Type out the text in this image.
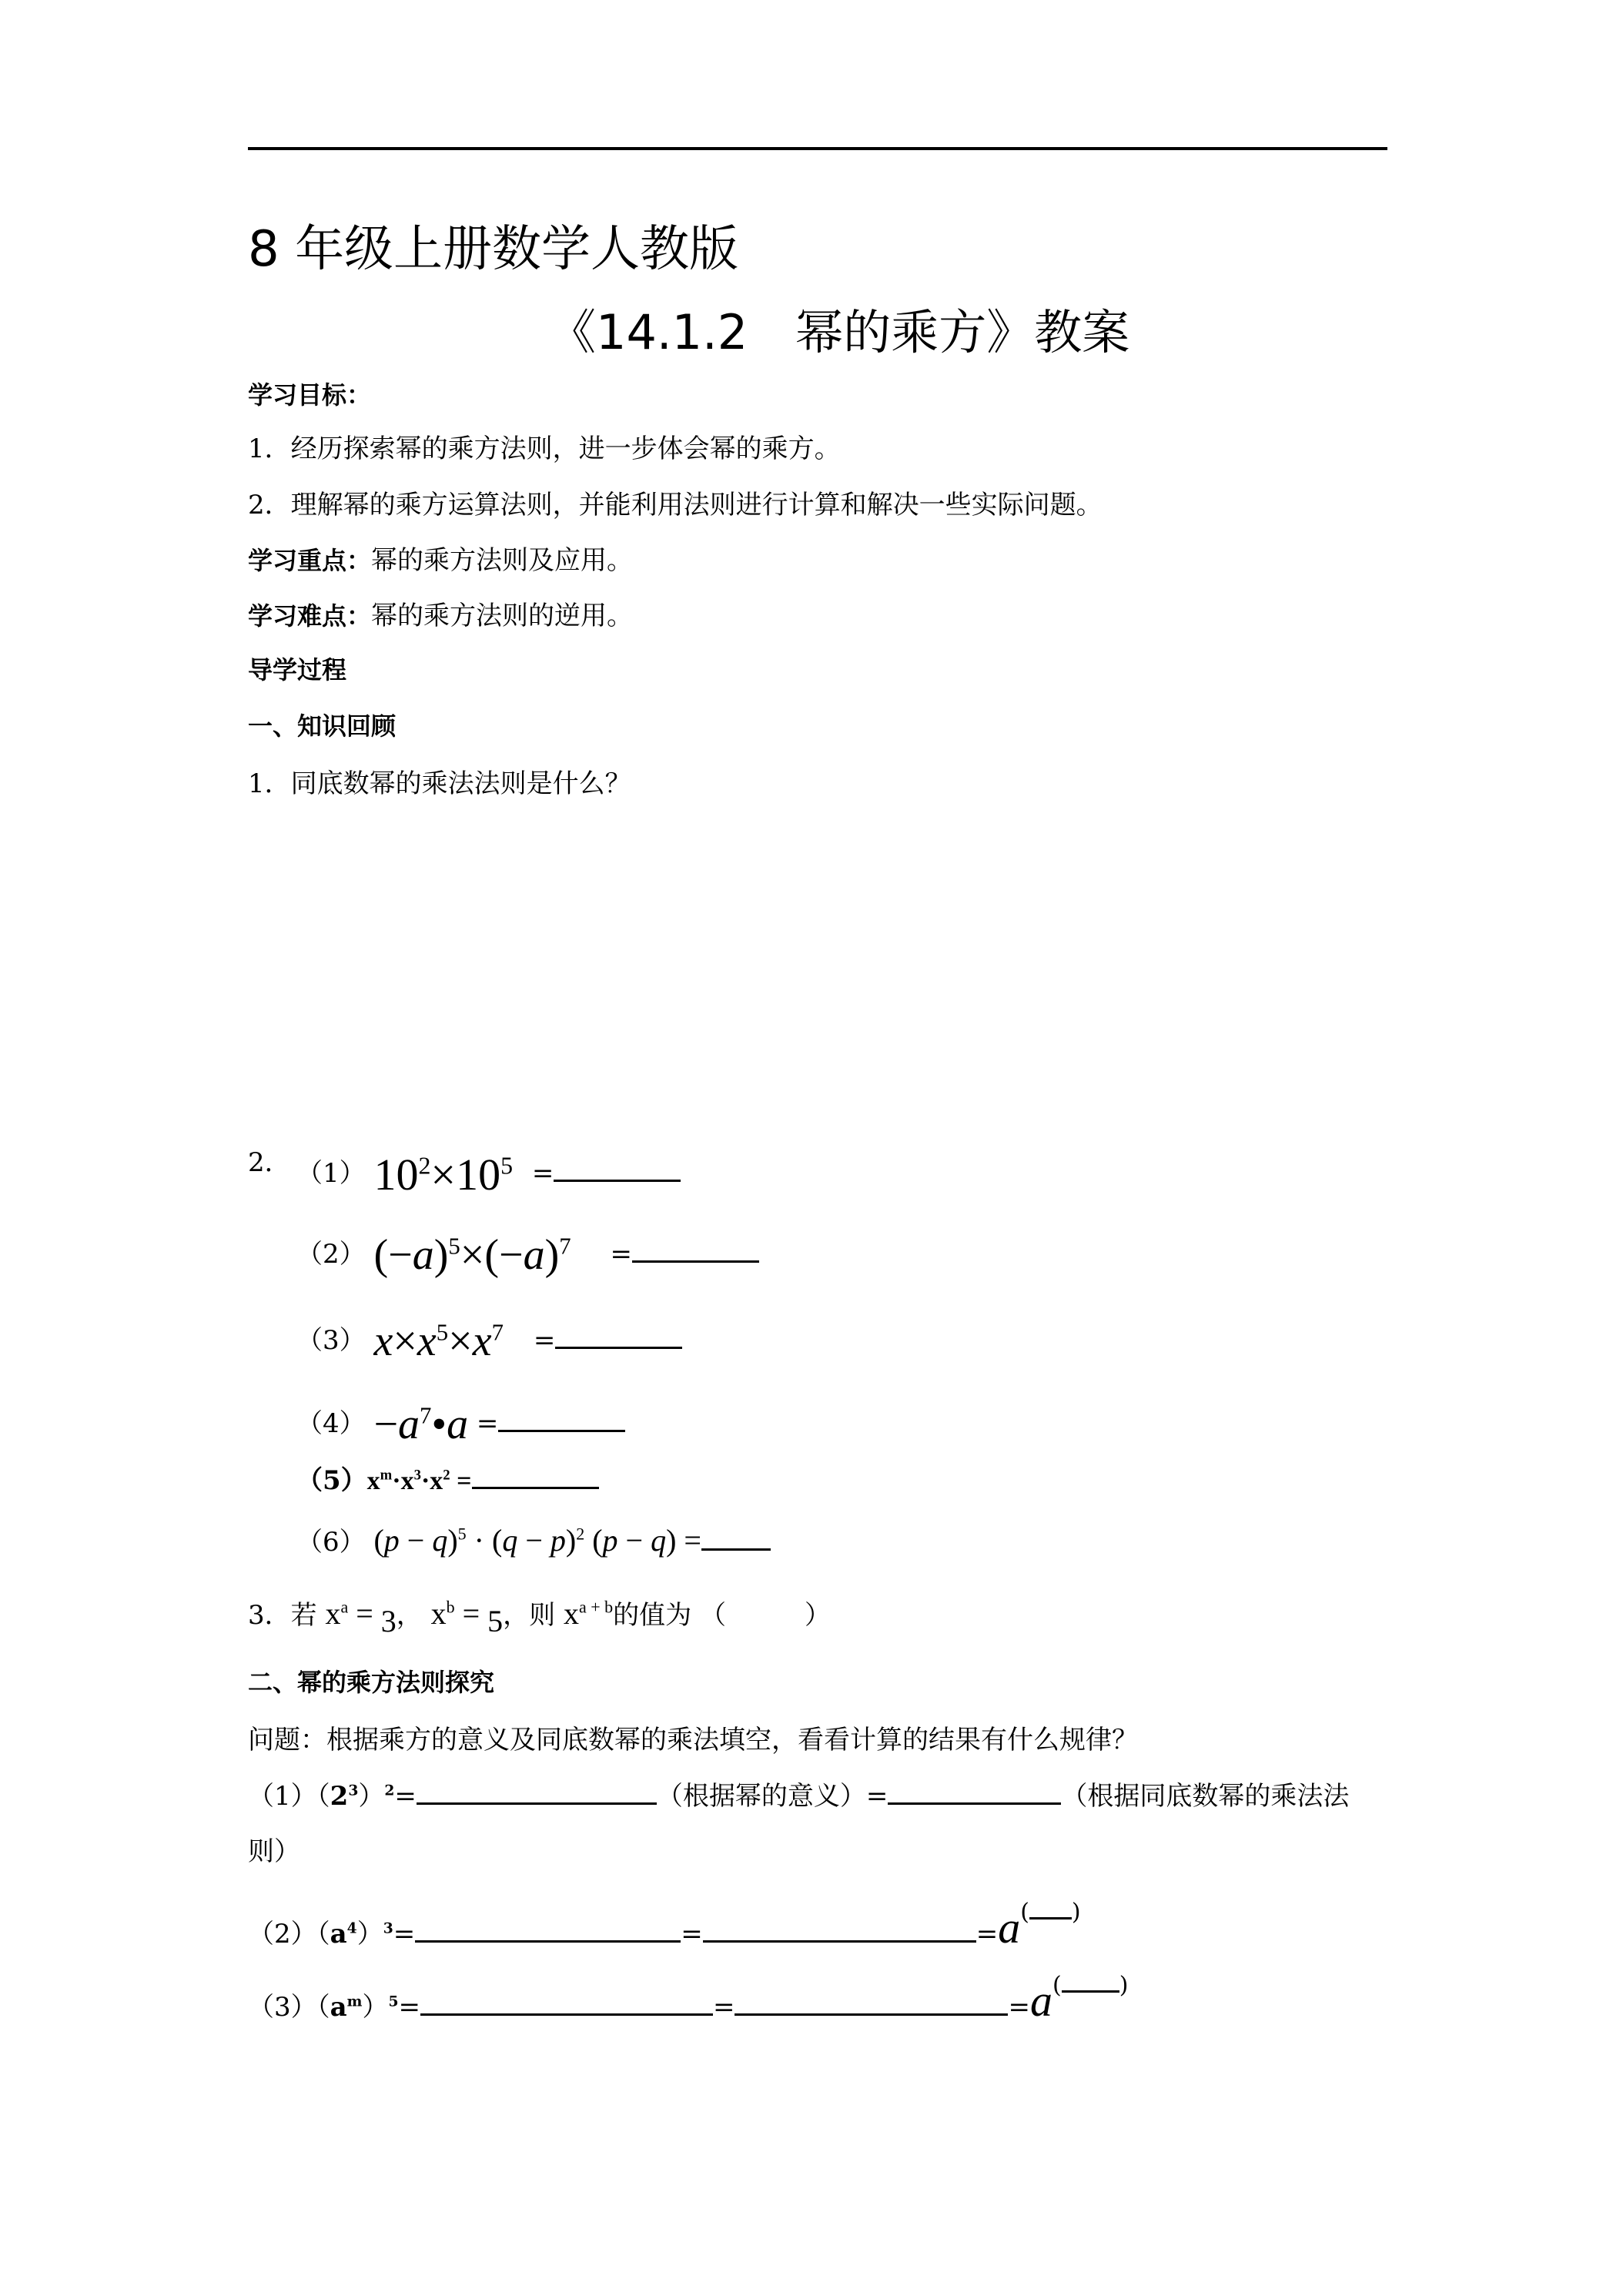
8 年级上册数学人教版
《14.1.2　幂的乘方》教案
学习目标：
1．经历探索幂的乘方法则，进一步体会幂的乘方。
2．理解幂的乘方运算法则，并能利用法则进行计算和解决一些实际问题。
学习重点：幂的乘方法则及应用。
学习难点：幂的乘方法则的逆用。
导学过程
一、知识回顾
1．同底数幂的乘法法则是什么？
2． （1） $10^2\times 10^5$ =
（2） $(-a)^5\times(-a)^7$ =
（3） $x\times x^5\times x^7$ =
$(4) -a^7•a$ =
$(5)x^m\cdot x^3\cdot x^2$ =
（6） $(p - q)^5 \cdot (q - p)^2$ (p − q) =
3．若 $x^a = 3$， $x^b = 5$，则 $x^{a + b}$的值为 （　　　）
二、幂的乘方法则探究
问题：根据乘方的意义及同底数幂的乘法填空，看看计算的结果有什么规律？
$(1)(2^3)^2=$	（根据幂的意义）=	（根据同底数幂的乘法法
则）
$(2)(a^4)^3=$	=	=a( )
$(3)(a^m)^5=$	=	=a(	)
